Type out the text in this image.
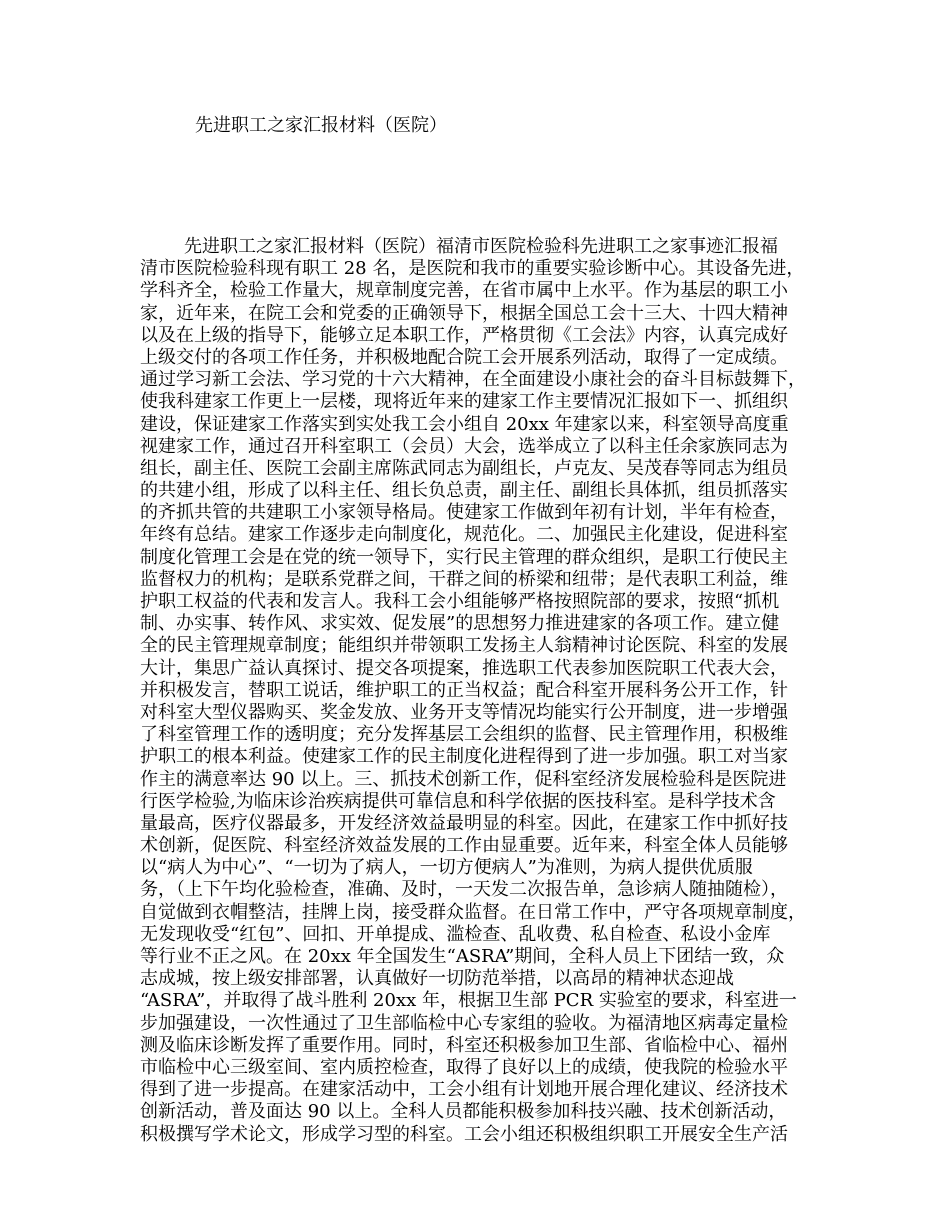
先进职工之家汇报材料（医院）
先进职工之家汇报材料（医院）福清市医院检验科先进职工之家事迹汇报福
清市医院检验科现有职工 28 名，是医院和我市的重要实验诊断中心。其设备先进，
学科齐全，检验工作量大，规章制度完善，在省市属中上水平。作为基层的职工小
家，近年来，在院工会和党委的正确领导下，根据全国总工会十三大、十四大精神
以及在上级的指导下，能够立足本职工作，严格贯彻《工会法》内容，认真完成好
上级交付的各项工作任务，并积极地配合院工会开展系列活动，取得了一定成绩。
通过学习新工会法、学习党的十六大精神，在全面建设小康社会的奋斗目标鼓舞下，
使我科建家工作更上一层楼，现将近年来的建家工作主要情况汇报如下一、抓组织
建设，保证建家工作落实到实处我工会小组自 20xx 年建家以来，科室领导高度重
视建家工作，通过召开科室职工（会员）大会，选举成立了以科主任余家族同志为
组长，副主任、医院工会副主席陈武同志为副组长，卢克友、吴茂春等同志为组员
的共建小组，形成了以科主任、组长负总责，副主任、副组长具体抓，组员抓落实
的齐抓共管的共建职工小家领导格局。使建家工作做到年初有计划，半年有检查，
年终有总结。建家工作逐步走向制度化，规范化。二、加强民主化建设，促进科室
制度化管理工会是在党的统一领导下，实行民主管理的群众组织，是职工行使民主
监督权力的机构；是联系党群之间，干群之间的桥梁和纽带；是代表职工利益，维
护职工权益的代表和发言人。我科工会小组能够严格按照院部的要求，按照“抓机
制、办实事、转作风、求实效、促发展”的思想努力推进建家的各项工作。建立健
全的民主管理规章制度；能组织并带领职工发扬主人翁精神讨论医院、科室的发展
大计，集思广益认真探讨、提交各项提案，推选职工代表参加医院职工代表大会，
并积极发言，替职工说话，维护职工的正当权益；配合科室开展科务公开工作，针
对科室大型仪器购买、奖金发放、业务开支等情况均能实行公开制度，进一步增强
了科室管理工作的透明度；充分发挥基层工会组织的监督、民主管理作用，积极维
护职工的根本利益。使建家工作的民主制度化进程得到了进一步加强。职工对当家
作主的满意率达 90 以上。三、抓技术创新工作，促科室经济发展检验科是医院进
行医学检验,为临床诊治疾病提供可靠信息和科学依据的医技科室。是科学技术含
量最高，医疗仪器最多，开发经济效益最明显的科室。因此，在建家工作中抓好技
术创新，促医院、科室经济效益发展的工作由显重要。近年来，科室全体人员能够
以“病人为中心”、“一切为了病人，一切方便病人”为准则，为病人提供优质服
务，（上下午均化验检查，准确、及时，一天发二次报告单，急诊病人随抽随检），
自觉做到衣帽整洁，挂牌上岗，接受群众监督。在日常工作中，严守各项规章制度，
无发现收受“红包”、回扣、开单提成、滥检查、乱收费、私自检查、私设小金库
等行业不正之风。在 20xx 年全国发生“ASRA”期间，全科人员上下团结一致，众
志成城，按上级安排部署，认真做好一切防范举措，以高昂的精神状态迎战
“ASRA”，并取得了战斗胜利 20xx 年，根据卫生部 PCR 实验室的要求，科室进一
步加强建设，一次性通过了卫生部临检中心专家组的验收。为福清地区病毒定量检
测及临床诊断发挥了重要作用。同时，科室还积极参加卫生部、省临检中心、福州
市临检中心三级室间、室内质控检查，取得了良好以上的成绩，使我院的检验水平
得到了进一步提高。在建家活动中，工会小组有计划地开展合理化建议、经济技术
创新活动，普及面达 90 以上。全科人员都能积极参加科技兴融、技术创新活动，
积极撰写学术论文，形成学习型的科室。工会小组还积极组织职工开展安全生产活
